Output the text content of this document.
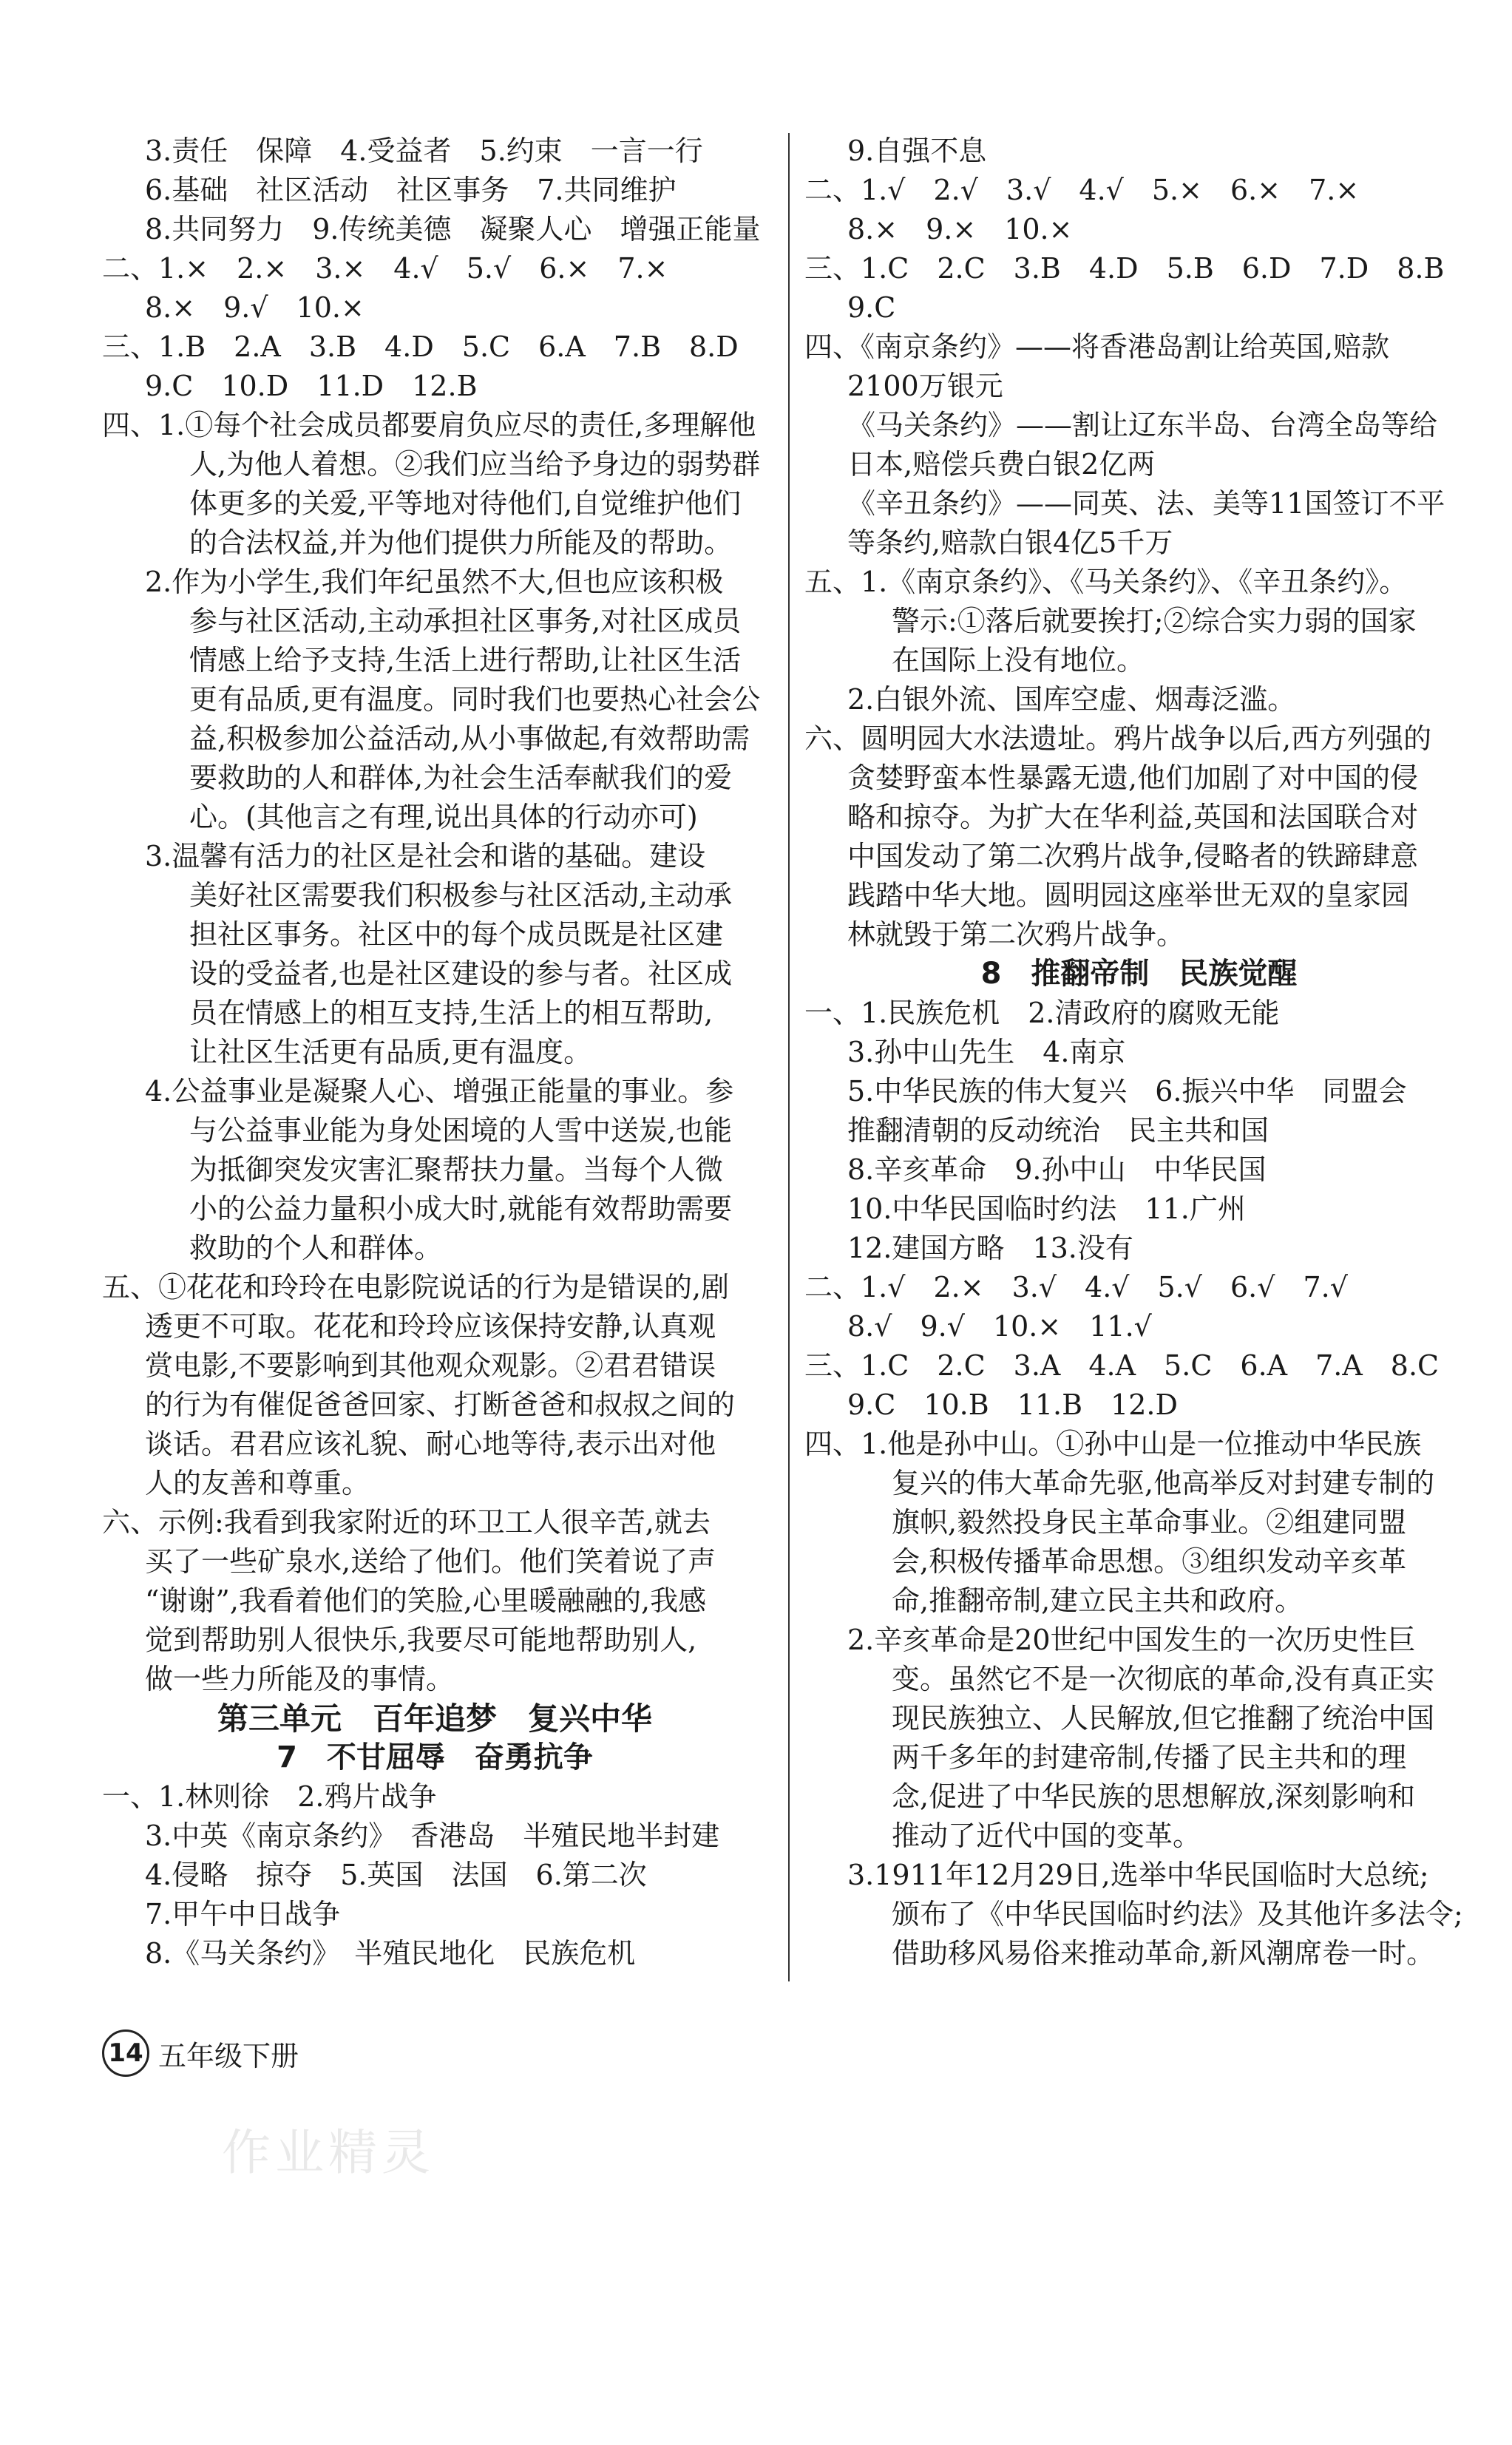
3.责任　保障　4.受益者　5.约束　一言一行
6.基础　社区活动　社区事务　7.共同维护
8.共同努力　9.传统美德　凝聚人心　增强正能量
二、1.×　2.×　3.×　4.√　5.√　6.×　7.×
8.×　9.√　10.×
三、1.B　2.A　3.B　4.D　5.C　6.A　7.B　8.D
9.C　10.D　11.D　12.B
四、1.①每个社会成员都要肩负应尽的责任,多理解他
人,为他人着想。②我们应当给予身边的弱势群
体更多的关爱,平等地对待他们,自觉维护他们
的合法权益,并为他们提供力所能及的帮助。
2.作为小学生,我们年纪虽然不大,但也应该积极
参与社区活动,主动承担社区事务,对社区成员
情感上给予支持,生活上进行帮助,让社区生活
更有品质,更有温度。同时我们也要热心社会公
益,积极参加公益活动,从小事做起,有效帮助需
要救助的人和群体,为社会生活奉献我们的爱
心。(其他言之有理,说出具体的行动亦可)
3.温馨有活力的社区是社会和谐的基础。建设
美好社区需要我们积极参与社区活动,主动承
担社区事务。社区中的每个成员既是社区建
设的受益者,也是社区建设的参与者。社区成
员在情感上的相互支持,生活上的相互帮助,
让社区生活更有品质,更有温度。
4.公益事业是凝聚人心、增强正能量的事业。参
与公益事业能为身处困境的人雪中送炭,也能
为抵御突发灾害汇聚帮扶力量。当每个人微
小的公益力量积小成大时,就能有效帮助需要
救助的个人和群体。
五、①花花和玲玲在电影院说话的行为是错误的,剧
透更不可取。花花和玲玲应该保持安静,认真观
赏电影,不要影响到其他观众观影。②君君错误
的行为有催促爸爸回家、打断爸爸和叔叔之间的
谈话。君君应该礼貌、耐心地等待,表示出对他
人的友善和尊重。
六、示例:我看到我家附近的环卫工人很辛苦,就去
买了一些矿泉水,送给了他们。他们笑着说了声
“谢谢”,我看着他们的笑脸,心里暖融融的,我感
觉到帮助别人很快乐,我要尽可能地帮助别人,
做一些力所能及的事情。
第三单元　百年追梦　复兴中华
7　不甘屈辱　奋勇抗争
一、1.林则徐　2.鸦片战争
3.中英《南京条约》　香港岛　半殖民地半封建
4.侵略　掠夺　5.英国　法国　6.第二次
7.甲午中日战争
8.《马关条约》　半殖民地化　民族危机
9.自强不息
二、1.√　2.√　3.√　4.√　5.×　6.×　7.×
8.×　9.×　10.×
三、1.C　2.C　3.B　4.D　5.B　6.D　7.D　8.B
9.C
四、《南京条约》——将香港岛割让给英国,赔款
2100万银元
《马关条约》——割让辽东半岛、台湾全岛等给
日本,赔偿兵费白银2亿两
《辛丑条约》——同英、法、美等11国签订不平
等条约,赔款白银4亿5千万
五、1.《南京条约》、《马关条约》、《辛丑条约》。
警示:①落后就要挨打;②综合实力弱的国家
在国际上没有地位。
2.白银外流、国库空虚、烟毒泛滥。
六、圆明园大水法遗址。鸦片战争以后,西方列强的
贪婪野蛮本性暴露无遗,他们加剧了对中国的侵
略和掠夺。为扩大在华利益,英国和法国联合对
中国发动了第二次鸦片战争,侵略者的铁蹄肆意
践踏中华大地。圆明园这座举世无双的皇家园
林就毁于第二次鸦片战争。
8　推翻帝制　民族觉醒
一、1.民族危机　2.清政府的腐败无能
3.孙中山先生　4.南京
5.中华民族的伟大复兴　6.振兴中华　同盟会
推翻清朝的反动统治　民主共和国
8.辛亥革命　9.孙中山　中华民国
10.中华民国临时约法　11.广州
12.建国方略　13.没有
二、1.√　2.×　3.√　4.√　5.√　6.√　7.√
8.√　9.√　10.×　11.√
三、1.C　2.C　3.A　4.A　5.C　6.A　7.A　8.C
9.C　10.B　11.B　12.D
四、1.他是孙中山。①孙中山是一位推动中华民族
复兴的伟大革命先驱,他高举反对封建专制的
旗帜,毅然投身民主革命事业。②组建同盟
会,积极传播革命思想。③组织发动辛亥革
命,推翻帝制,建立民主共和政府。
2.辛亥革命是20世纪中国发生的一次历史性巨
变。虽然它不是一次彻底的革命,没有真正实
现民族独立、人民解放,但它推翻了统治中国
两千多年的封建帝制,传播了民主共和的理
念,促进了中华民族的思想解放,深刻影响和
推动了近代中国的变革。
3.1911年12月29日,选举中华民国临时大总统;
颁布了《中华民国临时约法》及其他许多法令;
借助移风易俗来推动革命,新风潮席卷一时。
14 五年级下册
作业精灵
